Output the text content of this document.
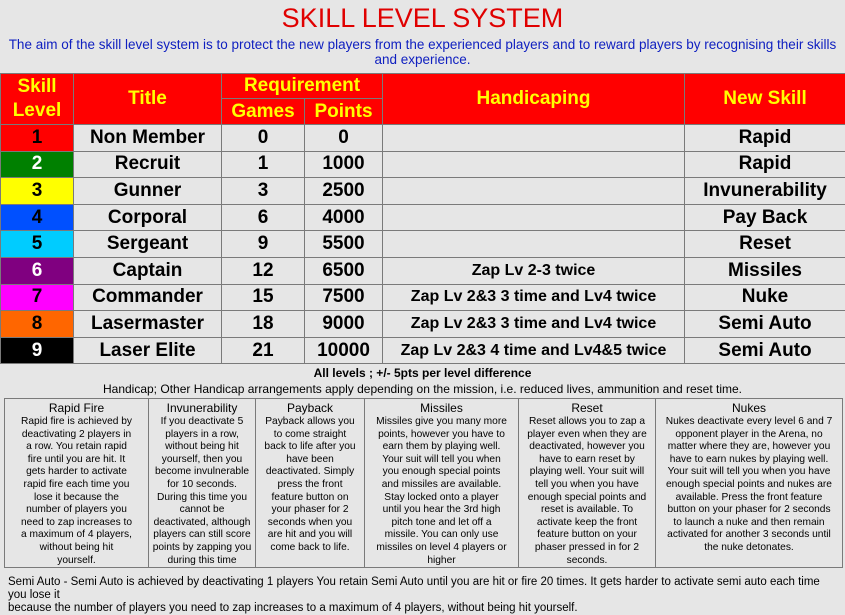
SKILL LEVEL SYSTEM
The aim of the skill level system is to protect the new players from the experienced players and to reward players by recognising their skills and experience.
Skill Level	Title	Requirement		Handicaping	New Skill
		Games	Points		
1	Non Member	0	0		Rapid
2	Recruit	1	1000		Rapid
3	Gunner	3	2500		Invunerability
4	Corporal	6	4000		Pay Back
5	Sergeant	9	5500		Reset
6	Captain	12	6500	Zap Lv 2-3 twice	Missiles
7	Commander	15	7500	Zap Lv 2&3 3 time and Lv4 twice	Nuke
8	Lasermaster	18	9000	Zap Lv 2&3 3 time and Lv4 twice	Semi Auto
9	Laser Elite	21	10000	Zap Lv 2&3 4 time and Lv4&5 twice	Semi Auto
All levels ; +/- 5pts per level difference
Handicap; Other Handicap arrangements apply depending on the mission, i.e. reduced lives, ammunition and reset time.
Rapid Fire
Rapid fire is achieved by
deactivating 2 players in
a row. You retain rapid
fire until you are hit. It
gets harder to activate
rapid fire each time you
lose it because the
number of players you
need to zap increases to
a maximum of 4 players,
without being hit
yourself.
Invunerability
If you deactivate 5
players in a row,
without being hit
yourself, then you
become invulnerable
for 10 seconds.
During this time you
cannot be
deactivated, although
players can still score
points by zapping you
during this time
Payback
Payback allows you
to come straight
back to life after you
have been
deactivated. Simply
press the front
feature button on
your phaser for 2
seconds when you
are hit and you will
come back to life.
Missiles
Missiles give you many more
points, however you have to
earn them by playing well.
Your suit will tell you when
you enough special points
and missiles are available.
Stay locked onto a player
until you hear the 3rd high
pitch tone and let off a
missile. You can only use
missiles on level 4 players or
higher
Reset
Reset allows you to zap a
player even when they are
deactivated, however you
have to earn reset by
playing well. Your suit will
tell you when you have
enough special points and
reset is available. To
activate keep the front
feature button on your
phaser pressed in for 2
seconds.
Nukes
Nukes deactivate every level 6 and 7
opponent player in the Arena, no
matter where they are, however you
have to earn nukes by playing well.
Your suit will tell you when you have
enough special points and nukes are
available. Press the front feature
button on your phaser for 2 seconds
to launch a nuke and then remain
activated for another 3 seconds until
the nuke detonates.
Semi Auto - Semi Auto is achieved by deactivating 1 players You retain Semi Auto until you are hit or fire 20 times. It gets harder to activate semi auto each time you lose it
because the number of players you need to zap increases to a maximum of 4 players, without being hit yourself.
